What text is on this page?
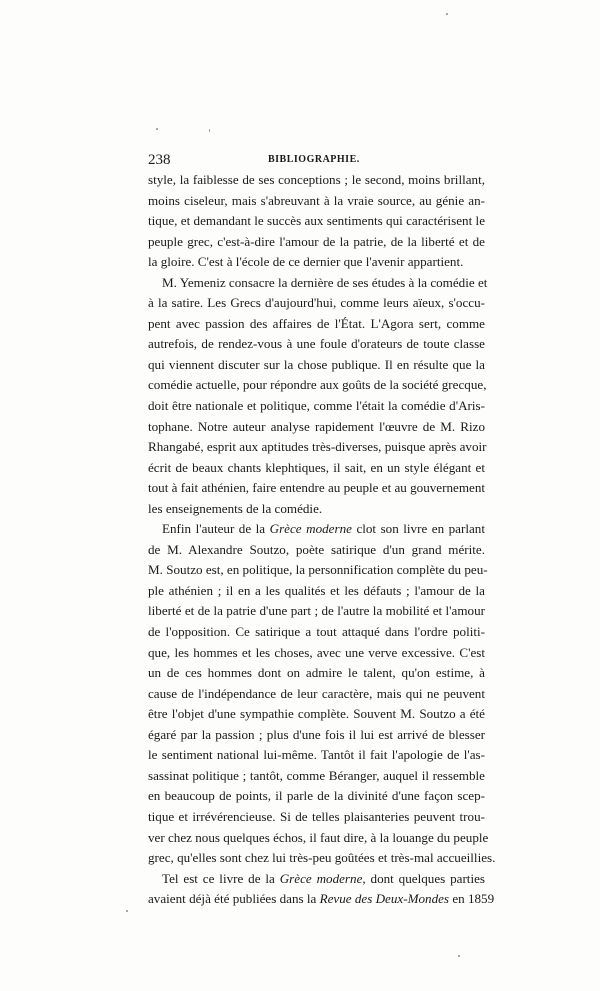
238	BIBLIOGRAPHIE.
style, la faiblesse de ses conceptions ; le second, moins brillant,
moins ciseleur, mais s'abreuvant à la vraie source, au génie an-
tique, et demandant le succès aux sentiments qui caractérisent le
peuple grec, c'est-à-dire l'amour de la patrie, de la liberté et de
la gloire. C'est à l'école de ce dernier que l'avenir appartient.
M. Yemeniz consacre la dernière de ses études à la comédie et
à la satire. Les Grecs d'aujourd'hui, comme leurs aïeux, s'occu-
pent avec passion des affaires de l'État. L'Agora sert, comme
autrefois, de rendez-vous à une foule d'orateurs de toute classe
qui viennent discuter sur la chose publique. Il en résulte que la
comédie actuelle, pour répondre aux goûts de la société grecque,
doit être nationale et politique, comme l'était la comédie d'Aris-
tophane. Notre auteur analyse rapidement l'œuvre de M. Rizo
Rhangabé, esprit aux aptitudes très-diverses, puisque après avoir
écrit de beaux chants klephtiques, il sait, en un style élégant et
tout à fait athénien, faire entendre au peuple et au gouvernement
les enseignements de la comédie.
Enfin l'auteur de la Grèce moderne clot son livre en parlant
de M. Alexandre Soutzo, poète satirique d'un grand mérite.
M. Soutzo est, en politique, la personnification complète du peu-
ple athénien ; il en a les qualités et les défauts ; l'amour de la
liberté et de la patrie d'une part ; de l'autre la mobilité et l'amour
de l'opposition. Ce satirique a tout attaqué dans l'ordre politi-
que, les hommes et les choses, avec une verve excessive. C'est
un de ces hommes dont on admire le talent, qu'on estime, à
cause de l'indépendance de leur caractère, mais qui ne peuvent
être l'objet d'une sympathie complète. Souvent M. Soutzo a été
égaré par la passion ; plus d'une fois il lui est arrivé de blesser
le sentiment national lui-même. Tantôt il fait l'apologie de l'as-
sassinat politique ; tantôt, comme Béranger, auquel il ressemble
en beaucoup de points, il parle de la divinité d'une façon scep-
tique et irrévérencieuse. Si de telles plaisanteries peuvent trou-
ver chez nous quelques échos, il faut dire, à la louange du peuple
grec, qu'elles sont chez lui très-peu goûtées et très-mal accueillies.
Tel est ce livre de la Grèce moderne, dont quelques parties
avaient déjà été publiées dans la Revue des Deux-Mondes en 1859
